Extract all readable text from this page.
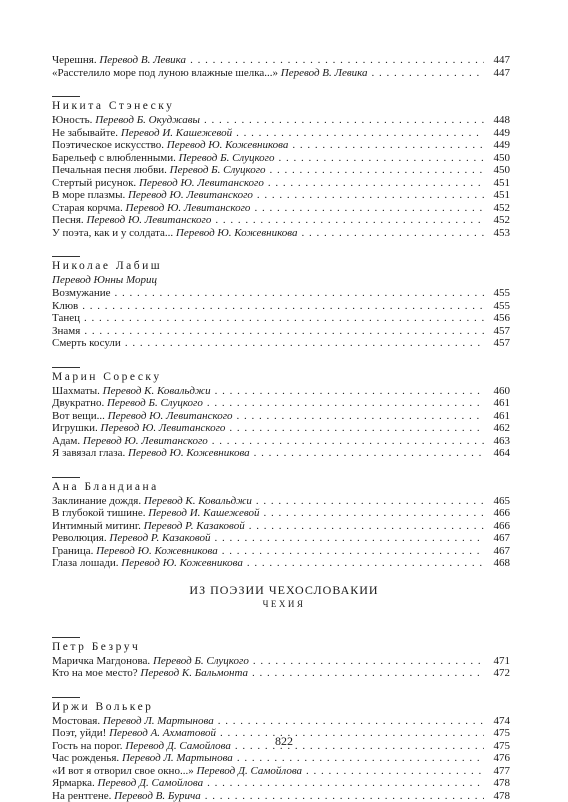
Черешня. Перевод В. Левика . . .	447
«Расстелило море под луною влажные шелка...» Перевод В. Левика . . .	447
Никита Стэнеску
Юность. Перевод Б. Окуджавы . . .	448
Не забывайте. Перевод И. Кашежевой . . .	449
Поэтическое искусство. Перевод Ю. Кожевникова . . .	449
Барельеф с влюбленными. Перевод Б. Слуцкого . . .	450
Печальная песня любви. Перевод Б. Слуцкого . . .	450
Стертый рисунок. Перевод Ю. Левитанского . . .	451
В море плазмы. Перевод Ю. Левитанского . . .	451
Старая корчма. Перевод Ю. Левитанского . . .	452
Песня. Перевод Ю. Левитанского . . .	452
У поэта, как и у солдата... Перевод Ю. Кожевникова . . .	453
Николае Лабиш
Перевод Юнны Мориц
Возмужание . . .	455
Клюв . . .	455
Танец . . .	456
Знамя . . .	457
Смерть косули . . .	457
Марин Сореску
Шахматы. Перевод К. Ковальджи . . .	460
Двукратно. Перевод Б. Слуцкого . . .	461
Вот вещи... Перевод Ю. Левитанского . . .	461
Игрушки. Перевод Ю. Левитанского . . .	462
Адам. Перевод Ю. Левитанского . . .	463
Я завязал глаза. Перевод Ю. Кожевникова . . .	464
Ана Бландиана
Заклинание дождя. Перевод К. Ковальджи . . .	465
В глубокой тишине. Перевод И. Кашежевой . . .	466
Интимный митинг. Перевод Р. Казаковой . . .	466
Революция. Перевод Р. Казаковой . . .	467
Граница. Перевод Ю. Кожевникова . . .	467
Глаза лошади. Перевод Ю. Кожевникова . . .	468
ИЗ ПОЭЗИИ ЧЕХОСЛОВАКИИ
ЧЕХИЯ
Петр Безруч
Маричка Магдонова. Перевод Б. Слуцкого . . .	471
Кто на мое место? Перевод К. Бальмонта . . .	472
Иржи Волькер
Мостовая. Перевод Л. Мартынова . . .	474
Поэт, уйди! Перевод А. Ахматовой . . .	475
Гость на порог. Перевод Д. Самойлова . . .	475
Час рожденья. Перевод Л. Мартынова . . .	476
«И вот я отворил свое окно...» Перевод Д. Самойлова . . .	477
Ярмарка. Перевод Д. Самойлова . . .	478
На рентгене. Перевод В. Бурича . . .	478
822
